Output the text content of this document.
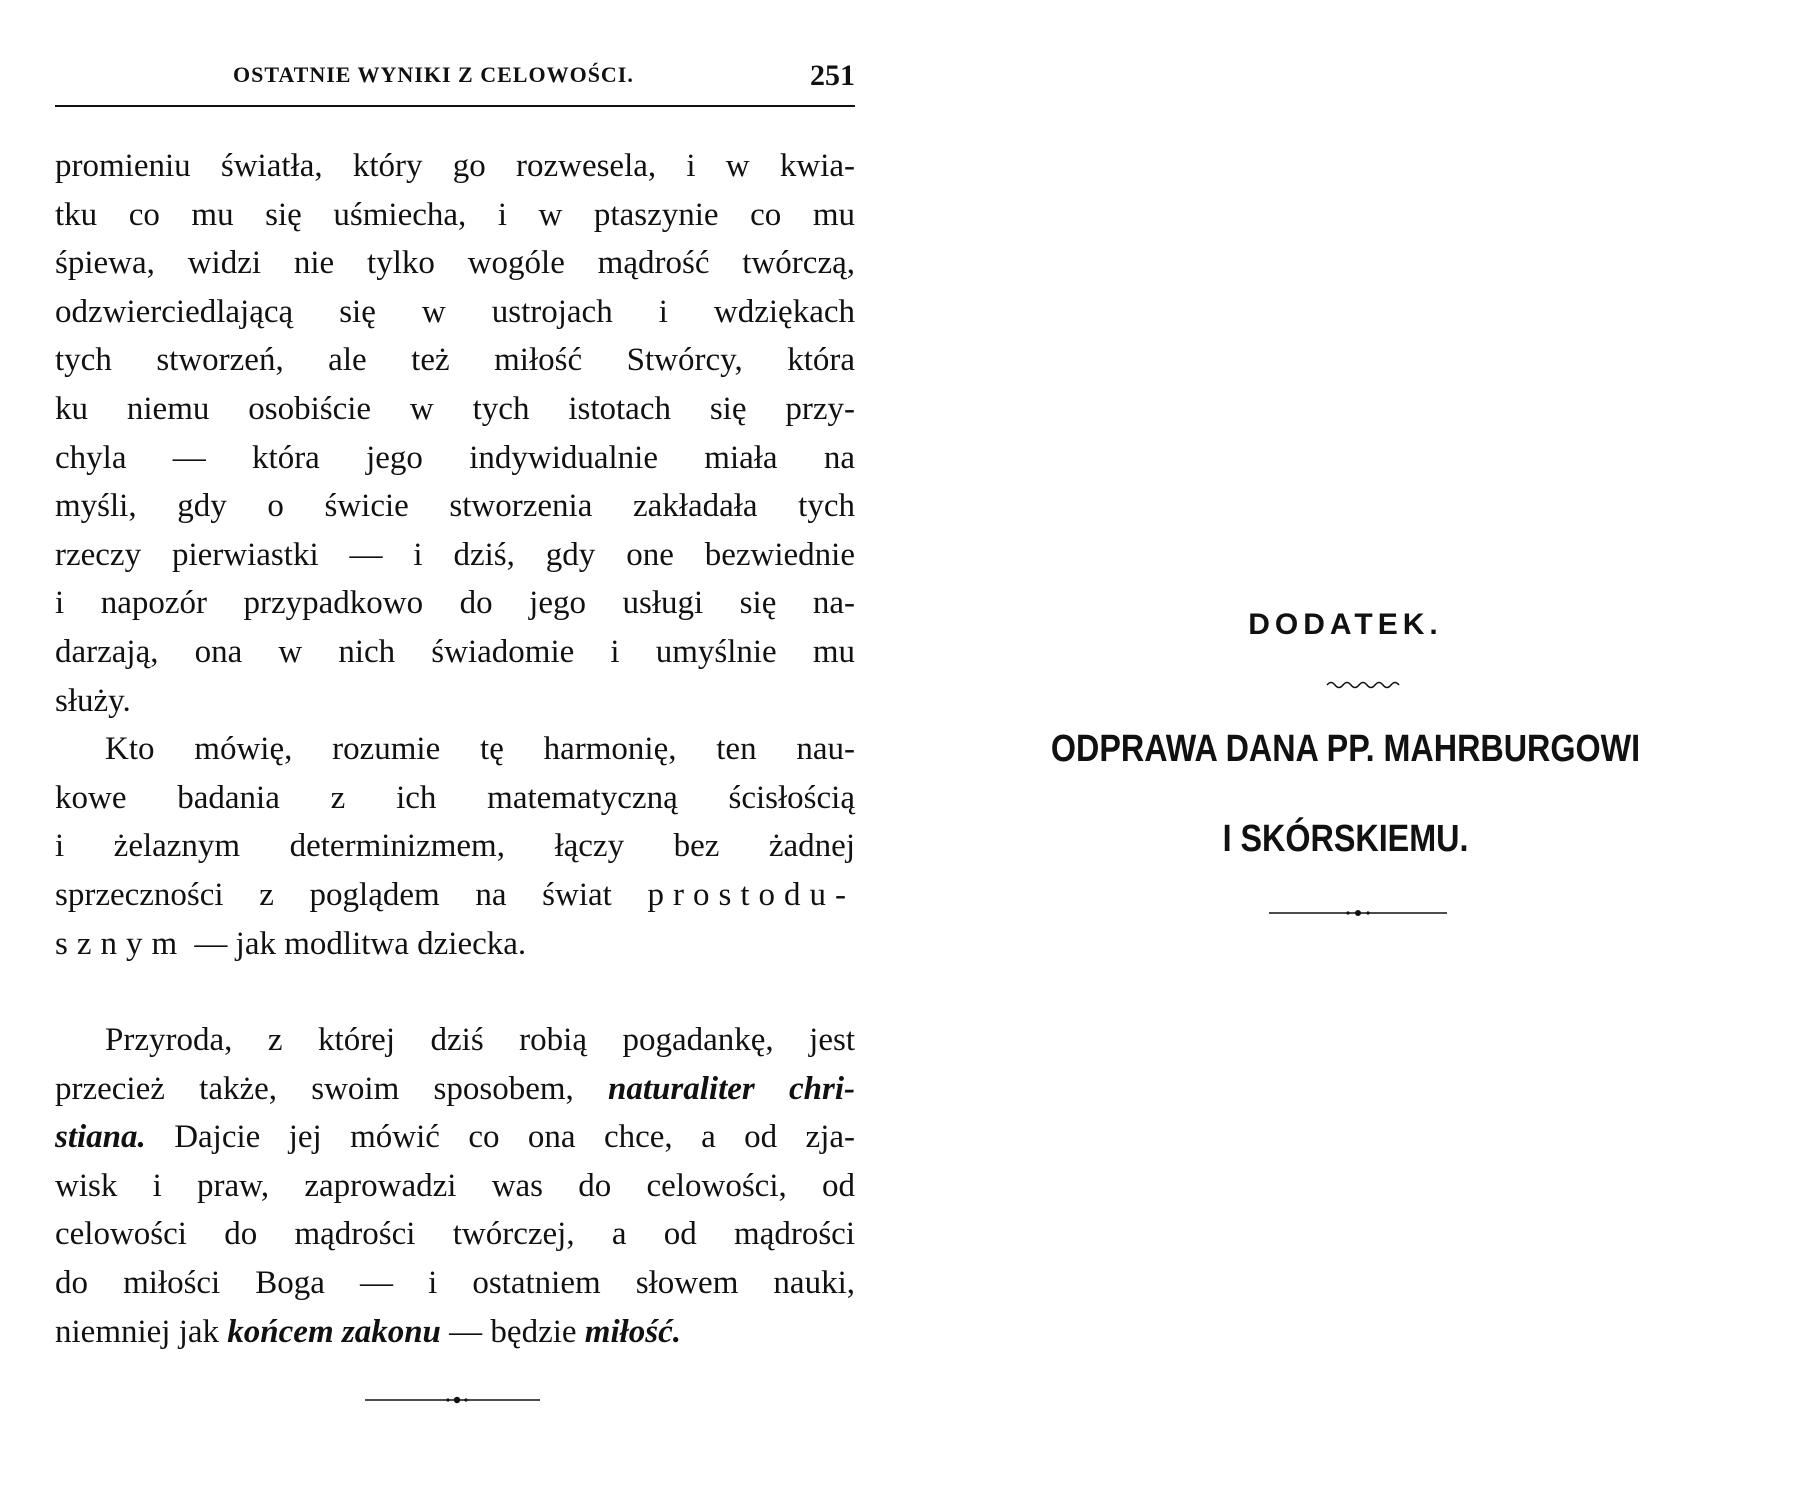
OSTATNIE WYNIKI Z CELOWOŚCI.	251
promieniu światła, który go rozwesela, i w kwia-
tku co mu się uśmiecha, i w ptaszynie co mu
śpiewa, widzi nie tylko wogóle mądrość twórczą,
odzwierciedlającą się w ustrojach i wdziękach
tych stworzeń, ale też miłość Stwórcy, która
ku niemu osobiście w tych istotach się przy-
chyla — która jego indywidualnie miała na
myśli, gdy o świcie stworzenia zakładała tych
rzeczy pierwiastki — i dziś, gdy one bezwiednie
i napozór przypadkowo do jego usługi się na-
darzają, ona w nich świadomie i umyślnie mu
służy.
Kto mówię, rozumie tę harmonię, ten nau-
kowe badania z ich matematyczną ścisłością
i żelaznym determinizmem, łączy bez żadnej
sprzeczności z poglądem na świat prostodu-
sznym — jak modlitwa dziecka.
Przyroda, z której dziś robią pogadankę, jest
przecież także, swoim sposobem, naturaliter chri-
stiana. Dajcie jej mówić co ona chce, a od zja-
wisk i praw, zaprowadzi was do celowości, od
celowości do mądrości twórczej, a od mądrości
do miłości Boga — i ostatniem słowem nauki,
niemniej jak końcem zakonu — będzie miłość.
DODATEK.
ODPRAWA DANA PP. MAHRBURGOWI
I SKÓRSKIEMU.
